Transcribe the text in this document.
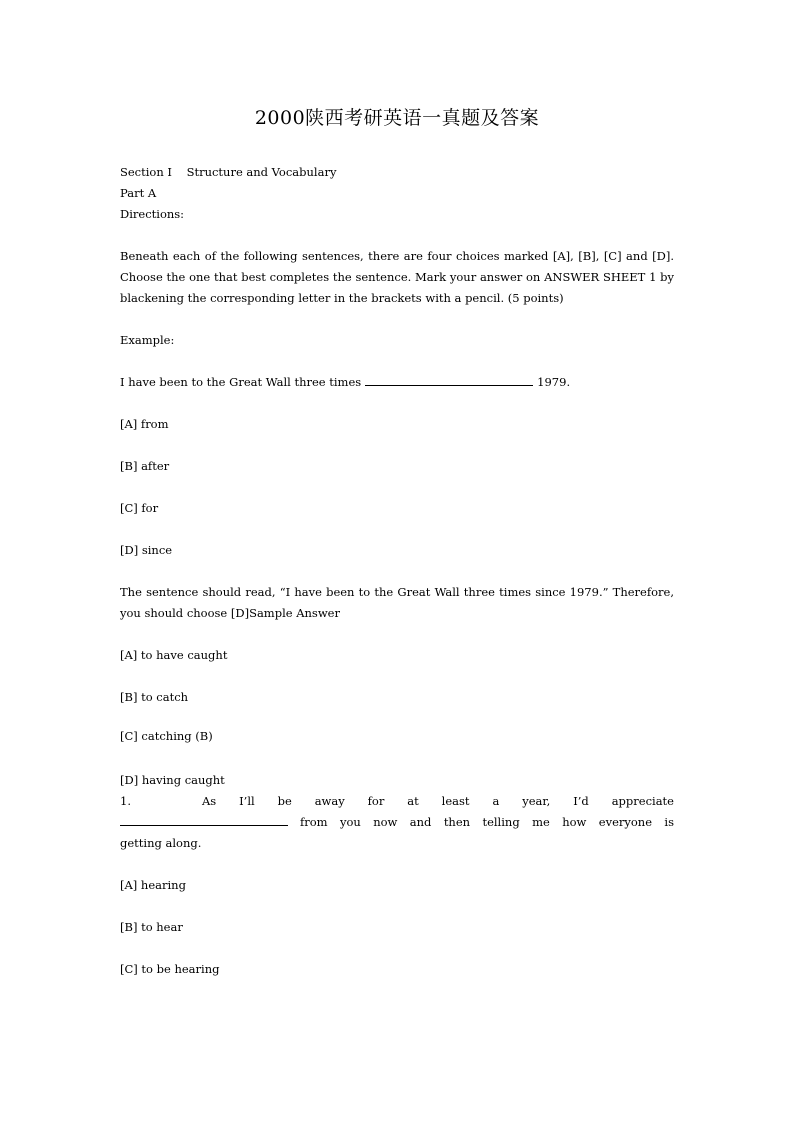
2000陕西考研英语一真题及答案

Section I    Structure and Vocabulary

Part A

Directions:

Beneath each of the following sentences, there are four choices marked [A], [B], [C] and [D]. Choose the one that best completes the sentence. Mark your answer on ANSWER SHEET 1 by blackening the corresponding letter in the brackets with a pencil. (5 points)

Example:

I have been to the Great Wall three times	1979.

[A] from

[B] after

[C] for

[D] since

The sentence should read, “I have been to the Great Wall three times since 1979.” Therefore, you should choose [D]Sample Answer

[A] to have caught

[B] to catch

[C] catching (B)

[D] having caught

1.	As I’ll be away for at least a year, I’d appreciate

from you now and then telling me how everyone is

getting along.

[A] hearing

[B] to hear

[C] to be hearing
